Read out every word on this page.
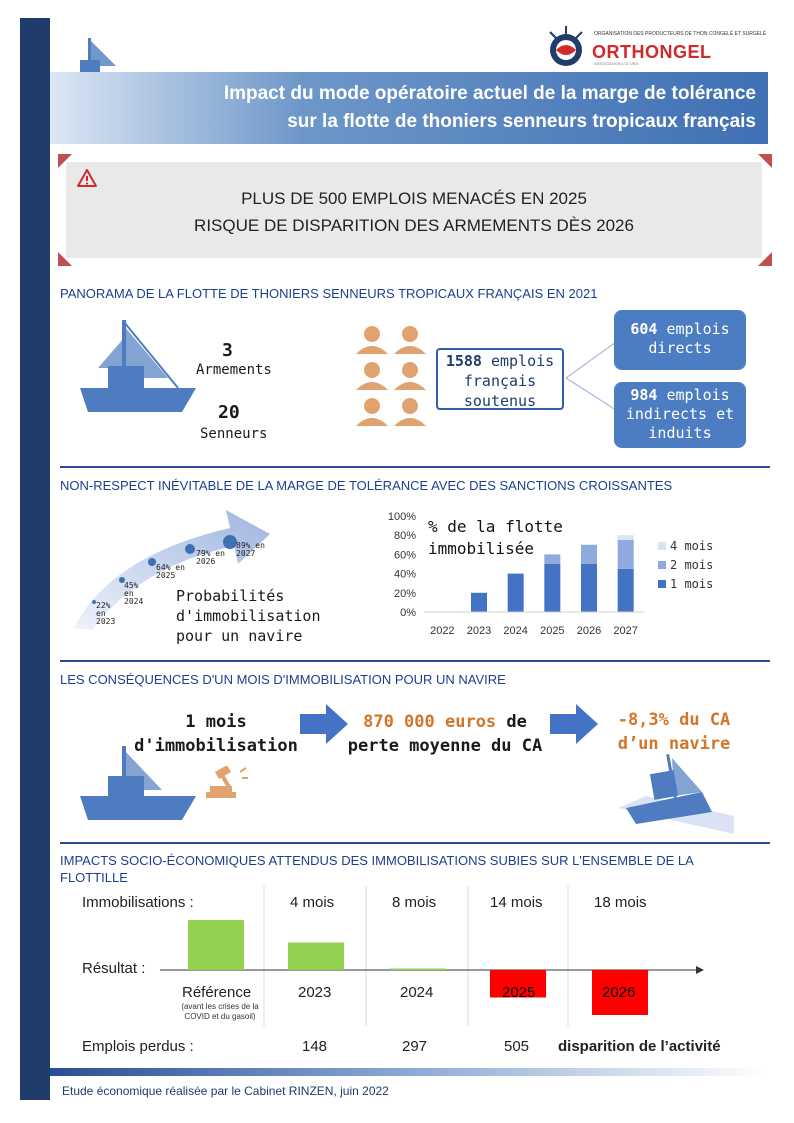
ORGANISATION DES PRODUCTEURS DE THON CONGELÉ ET SURGELÉ
ORTHONGEL
ASSOCIATION LOI 1901
Impact du mode opératoire actuel de la marge de tolérance
sur la flotte de thoniers senneurs tropicaux français
PLUS DE 500 EMPLOIS MENACÉS EN 2025
RISQUE DE DISPARITION DES ARMEMENTS DÈS 2026
PANORAMA DE LA FLOTTE DE THONIERS SENNEURS TROPICAUX FRANÇAIS EN 2021
3
Armements
20
Senneurs
1588 emplois
français
soutenus
604 emplois
directs
984 emplois
indirects et
induits
NON-RESPECT INÉVITABLE DE LA MARGE DE TOLÉRANCE AVEC DES SANCTIONS CROISSANTES
22%
en
2023
45%
en
2024
64% en
2025
79% en
2026
89% en
2027
Probabilités
d'immobilisation
pour un navire
0%
20%
40%
60%
80%
100%
2022 2023 2024 2025 2026 2027
% de la flotte
immobilisée	4 mois
2 mois
1 mois
LES CONSÉQUENCES D'UN MOIS D'IMMOBILISATION POUR UN NAVIRE
1 mois
d'immobilisation
870 000 euros de
perte moyenne du CA
-8,3% du CA
d’un navire
IMPACTS SOCIO-ÉCONOMIQUES ATTENDUS DES IMMOBILISATIONS SUBIES SUR L'ENSEMBLE DE LA
FLOTTILLE
Immobilisations :	4 mois	8 mois	14 mois	18 mois
Résultat :
Référence
(avant les crises de la
COVID et du gasoil)
2023	2024	2025	2026
Emplois perdus :	148	297	505 disparition de l’activité
Etude économique réalisée par le Cabinet RINZEN, juin 2022
